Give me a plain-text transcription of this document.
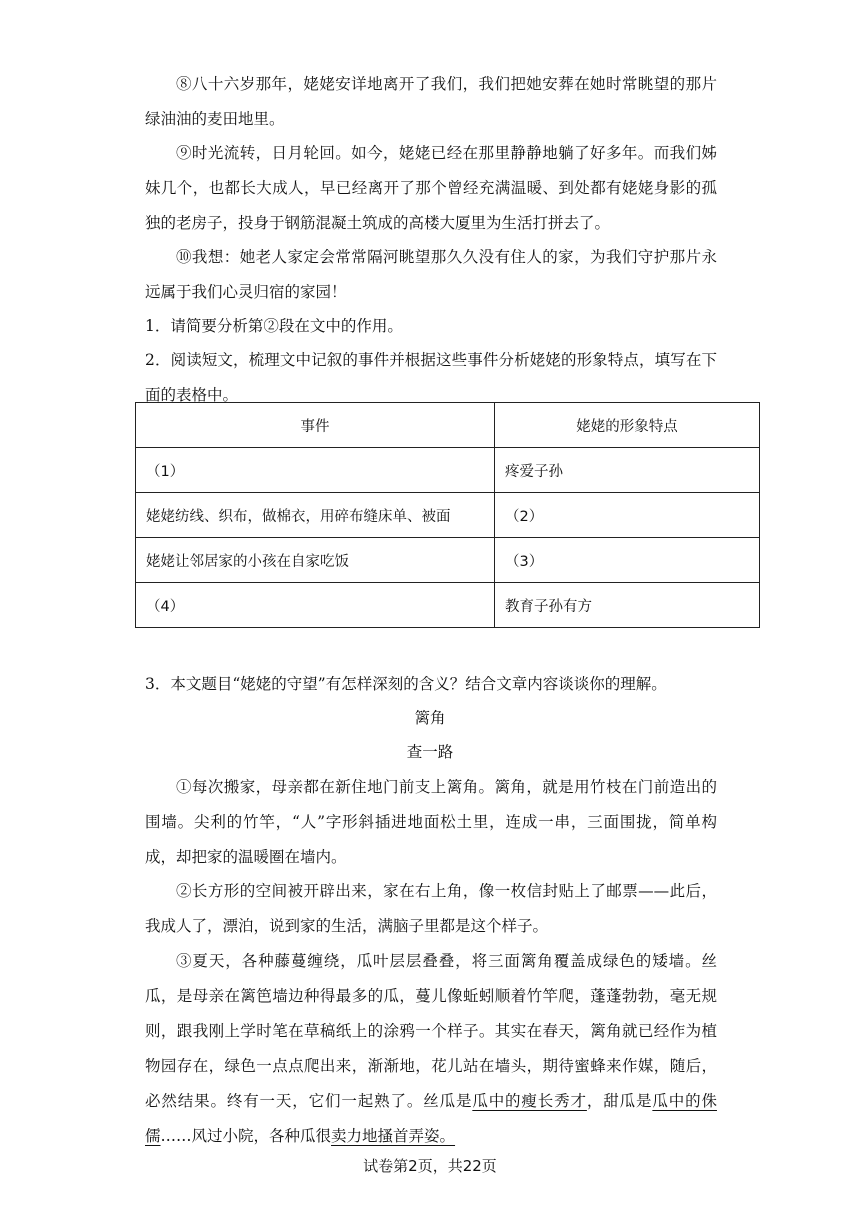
⑧八十六岁那年，姥姥安详地离开了我们，我们把她安葬在她时常眺望的那片绿油油的麦田地里。

⑨时光流转，日月轮回。如今，姥姥已经在那里静静地躺了好多年。而我们姊妹几个，也都长大成人，早已经离开了那个曾经充满温暖、到处都有姥姥身影的孤独的老房子，投身于钢筋混凝土筑成的高楼大厦里为生活打拼去了。

⑩我想：她老人家定会常常隔河眺望那久久没有住人的家，为我们守护那片永远属于我们心灵归宿的家园！

1．请简要分析第②段在文中的作用。

2．阅读短文，梳理文中记叙的事件并根据这些事件分析姥姥的形象特点，填写在下面的表格中。

事件	姥姥的形象特点
（1）	疼爱子孙
姥姥纺线、织布，做棉衣，用碎布缝床单、被面	（2）
姥姥让邻居家的小孩在自家吃饭	（3）
（4）	教育子孙有方

3．本文题目“姥姥的守望”有怎样深刻的含义？结合文章内容谈谈你的理解。

篱角
查一路

①每次搬家，母亲都在新住地门前支上篱角。篱角，就是用竹枝在门前造出的围墙。尖利的竹竿，“人”字形斜插进地面松土里，连成一串，三面围拢，简单构成，却把家的温暖圈在墙内。

②长方形的空间被开辟出来，家在右上角，像一枚信封贴上了邮票——此后，我成人了，漂泊，说到家的生活，满脑子里都是这个样子。

③夏天，各种藤蔓缠绕，瓜叶层层叠叠，将三面篱角覆盖成绿色的矮墙。丝瓜，是母亲在篱笆墙边种得最多的瓜，蔓儿像蚯蚓顺着竹竿爬，蓬蓬勃勃，毫无规则，跟我刚上学时笔在草稿纸上的涂鸦一个样子。其实在春天，篱角就已经作为植物园存在，绿色一点点爬出来，渐渐地，花儿站在墙头，期待蜜蜂来作媒，随后，必然结果。终有一天，它们一起熟了。丝瓜是瓜中的瘦长秀才，甜瓜是瓜中的侏儒……风过小院，各种瓜很卖力地搔首弄姿。

试卷第2页，共22页
